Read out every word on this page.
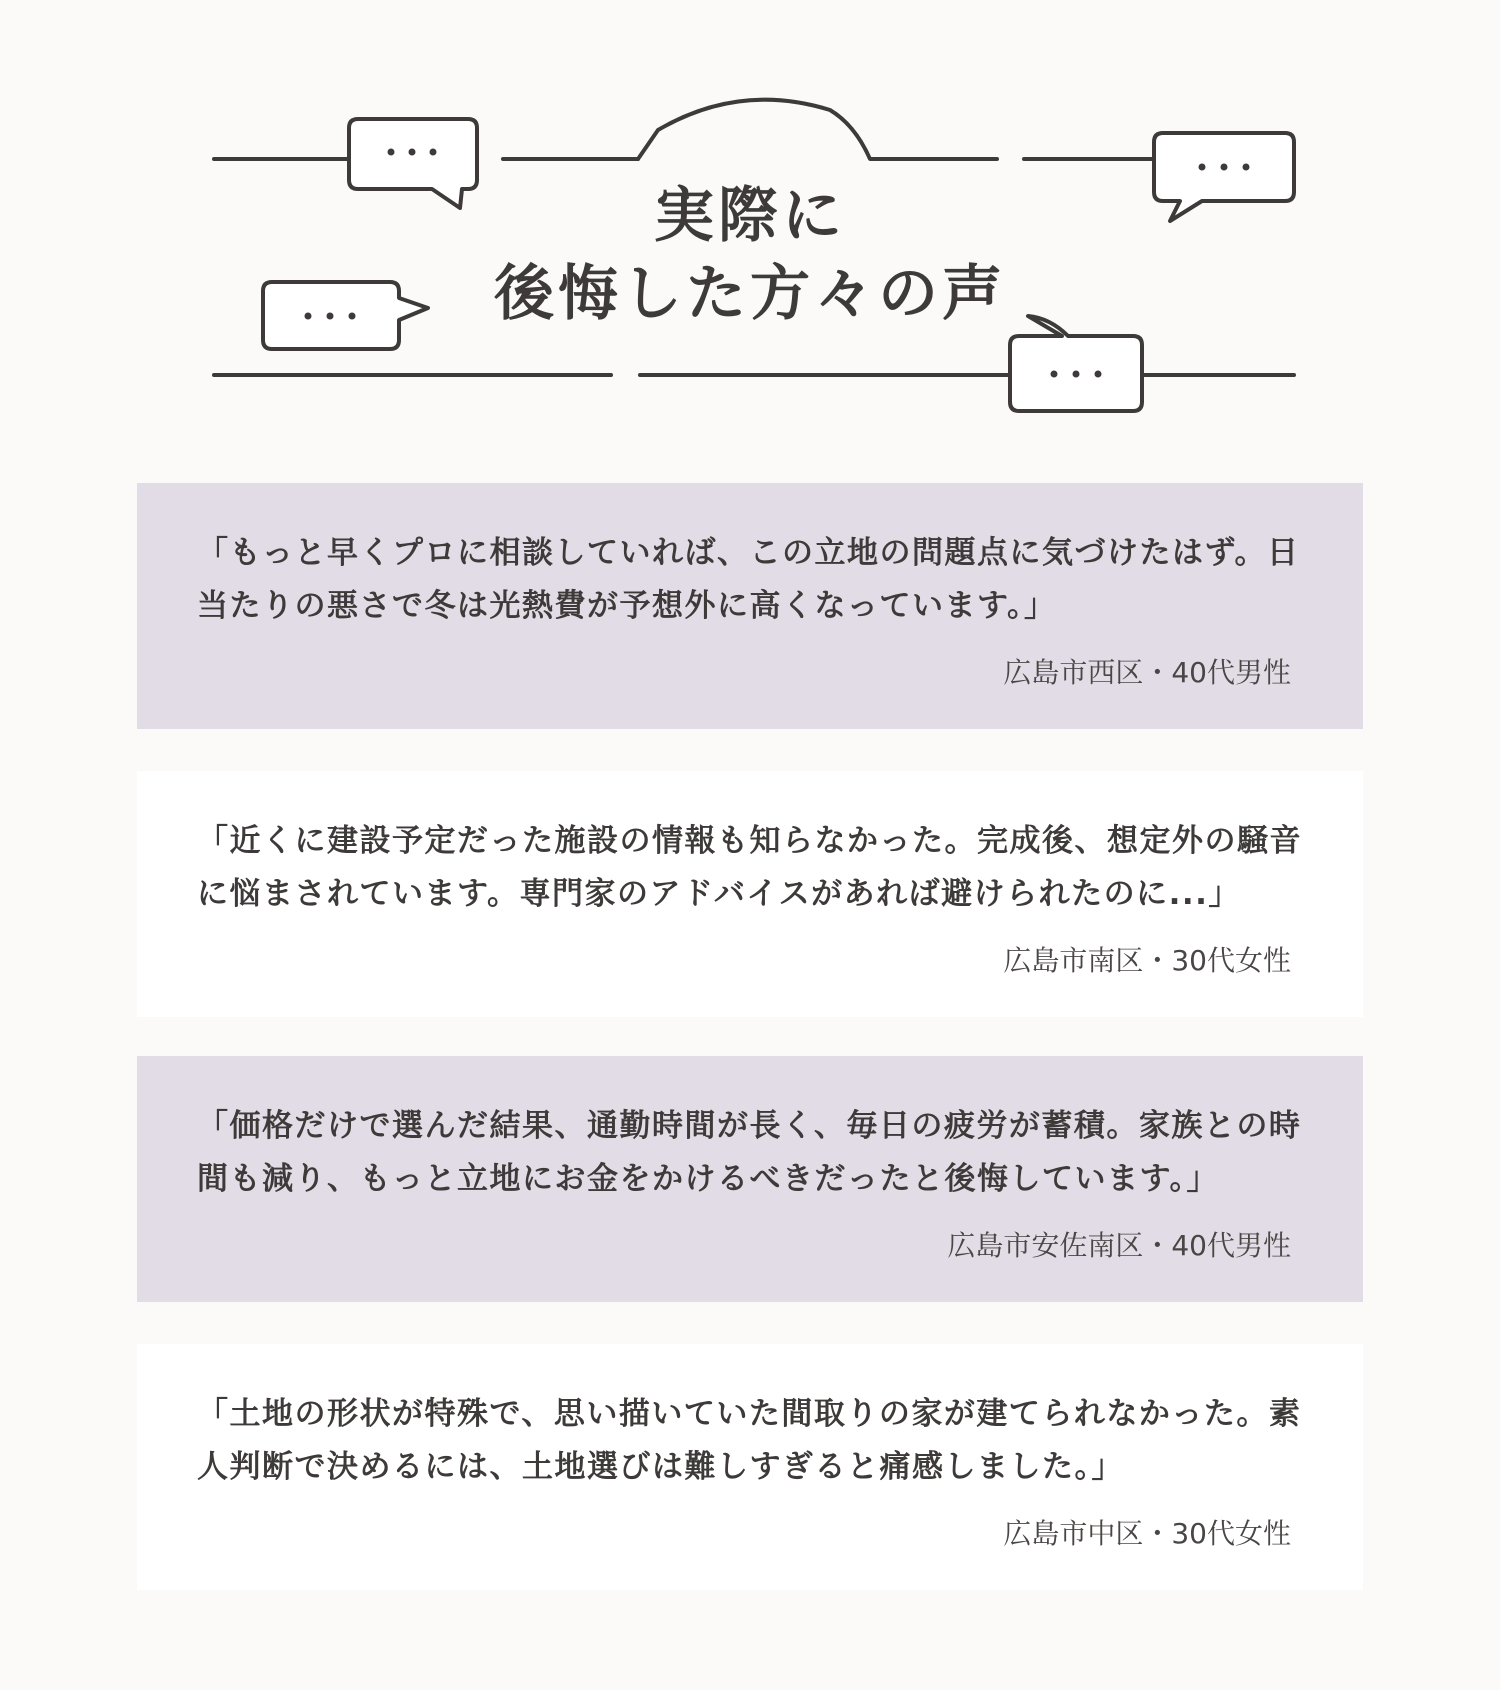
実際に
後悔した方々の声

「もっと早くプロに相談していれば、この立地の問題点に気づけたはず。日当たりの悪さで冬は光熱費が予想外に高くなっています。」

広島市西区・40代男性

「近くに建設予定だった施設の情報も知らなかった。完成後、想定外の騒音に悩まされています。専門家のアドバイスがあれば避けられたのに...」

広島市南区・30代女性

「価格だけで選んだ結果、通勤時間が長く、毎日の疲労が蓄積。家族との時間も減り、もっと立地にお金をかけるべきだったと後悔しています。」

広島市安佐南区・40代男性

「土地の形状が特殊で、思い描いていた間取りの家が建てられなかった。素人判断で決めるには、土地選びは難しすぎると痛感しました。」

広島市中区・30代女性
